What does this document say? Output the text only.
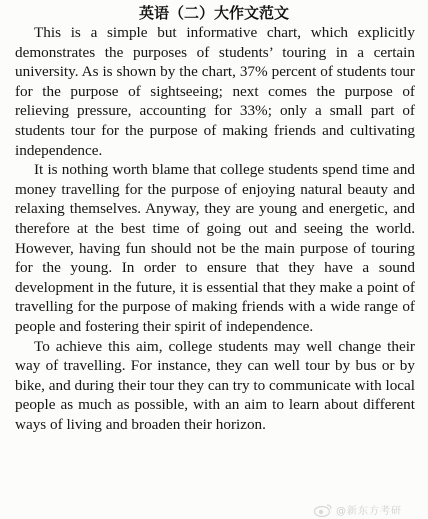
英语（二）大作文范文

This is a simple but informative chart, which explicitly demonstrates the purposes of students’ touring in a certain university. As is shown by the chart, 37% percent of students tour for the purpose of sightseeing; next comes the purpose of relieving pressure, accounting for 33%; only a small part of students tour for the purpose of making friends and cultivating independence.

It is nothing worth blame that college students spend time and money travelling for the purpose of enjoying natural beauty and relaxing themselves. Anyway, they are young and energetic, and therefore at the best time of going out and seeing the world. However, having fun should not be the main purpose of touring for the young. In order to ensure that they have a sound development in the future, it is essential that they make a point of travelling for the purpose of making friends with a wide range of people and fostering their spirit of independence.

To achieve this aim, college students may well change their way of travelling. For instance, they can well tour by bus or by bike, and during their tour they can try to communicate with local people as much as possible, with an aim to learn about different ways of living and broaden their horizon.

@新东方考研
